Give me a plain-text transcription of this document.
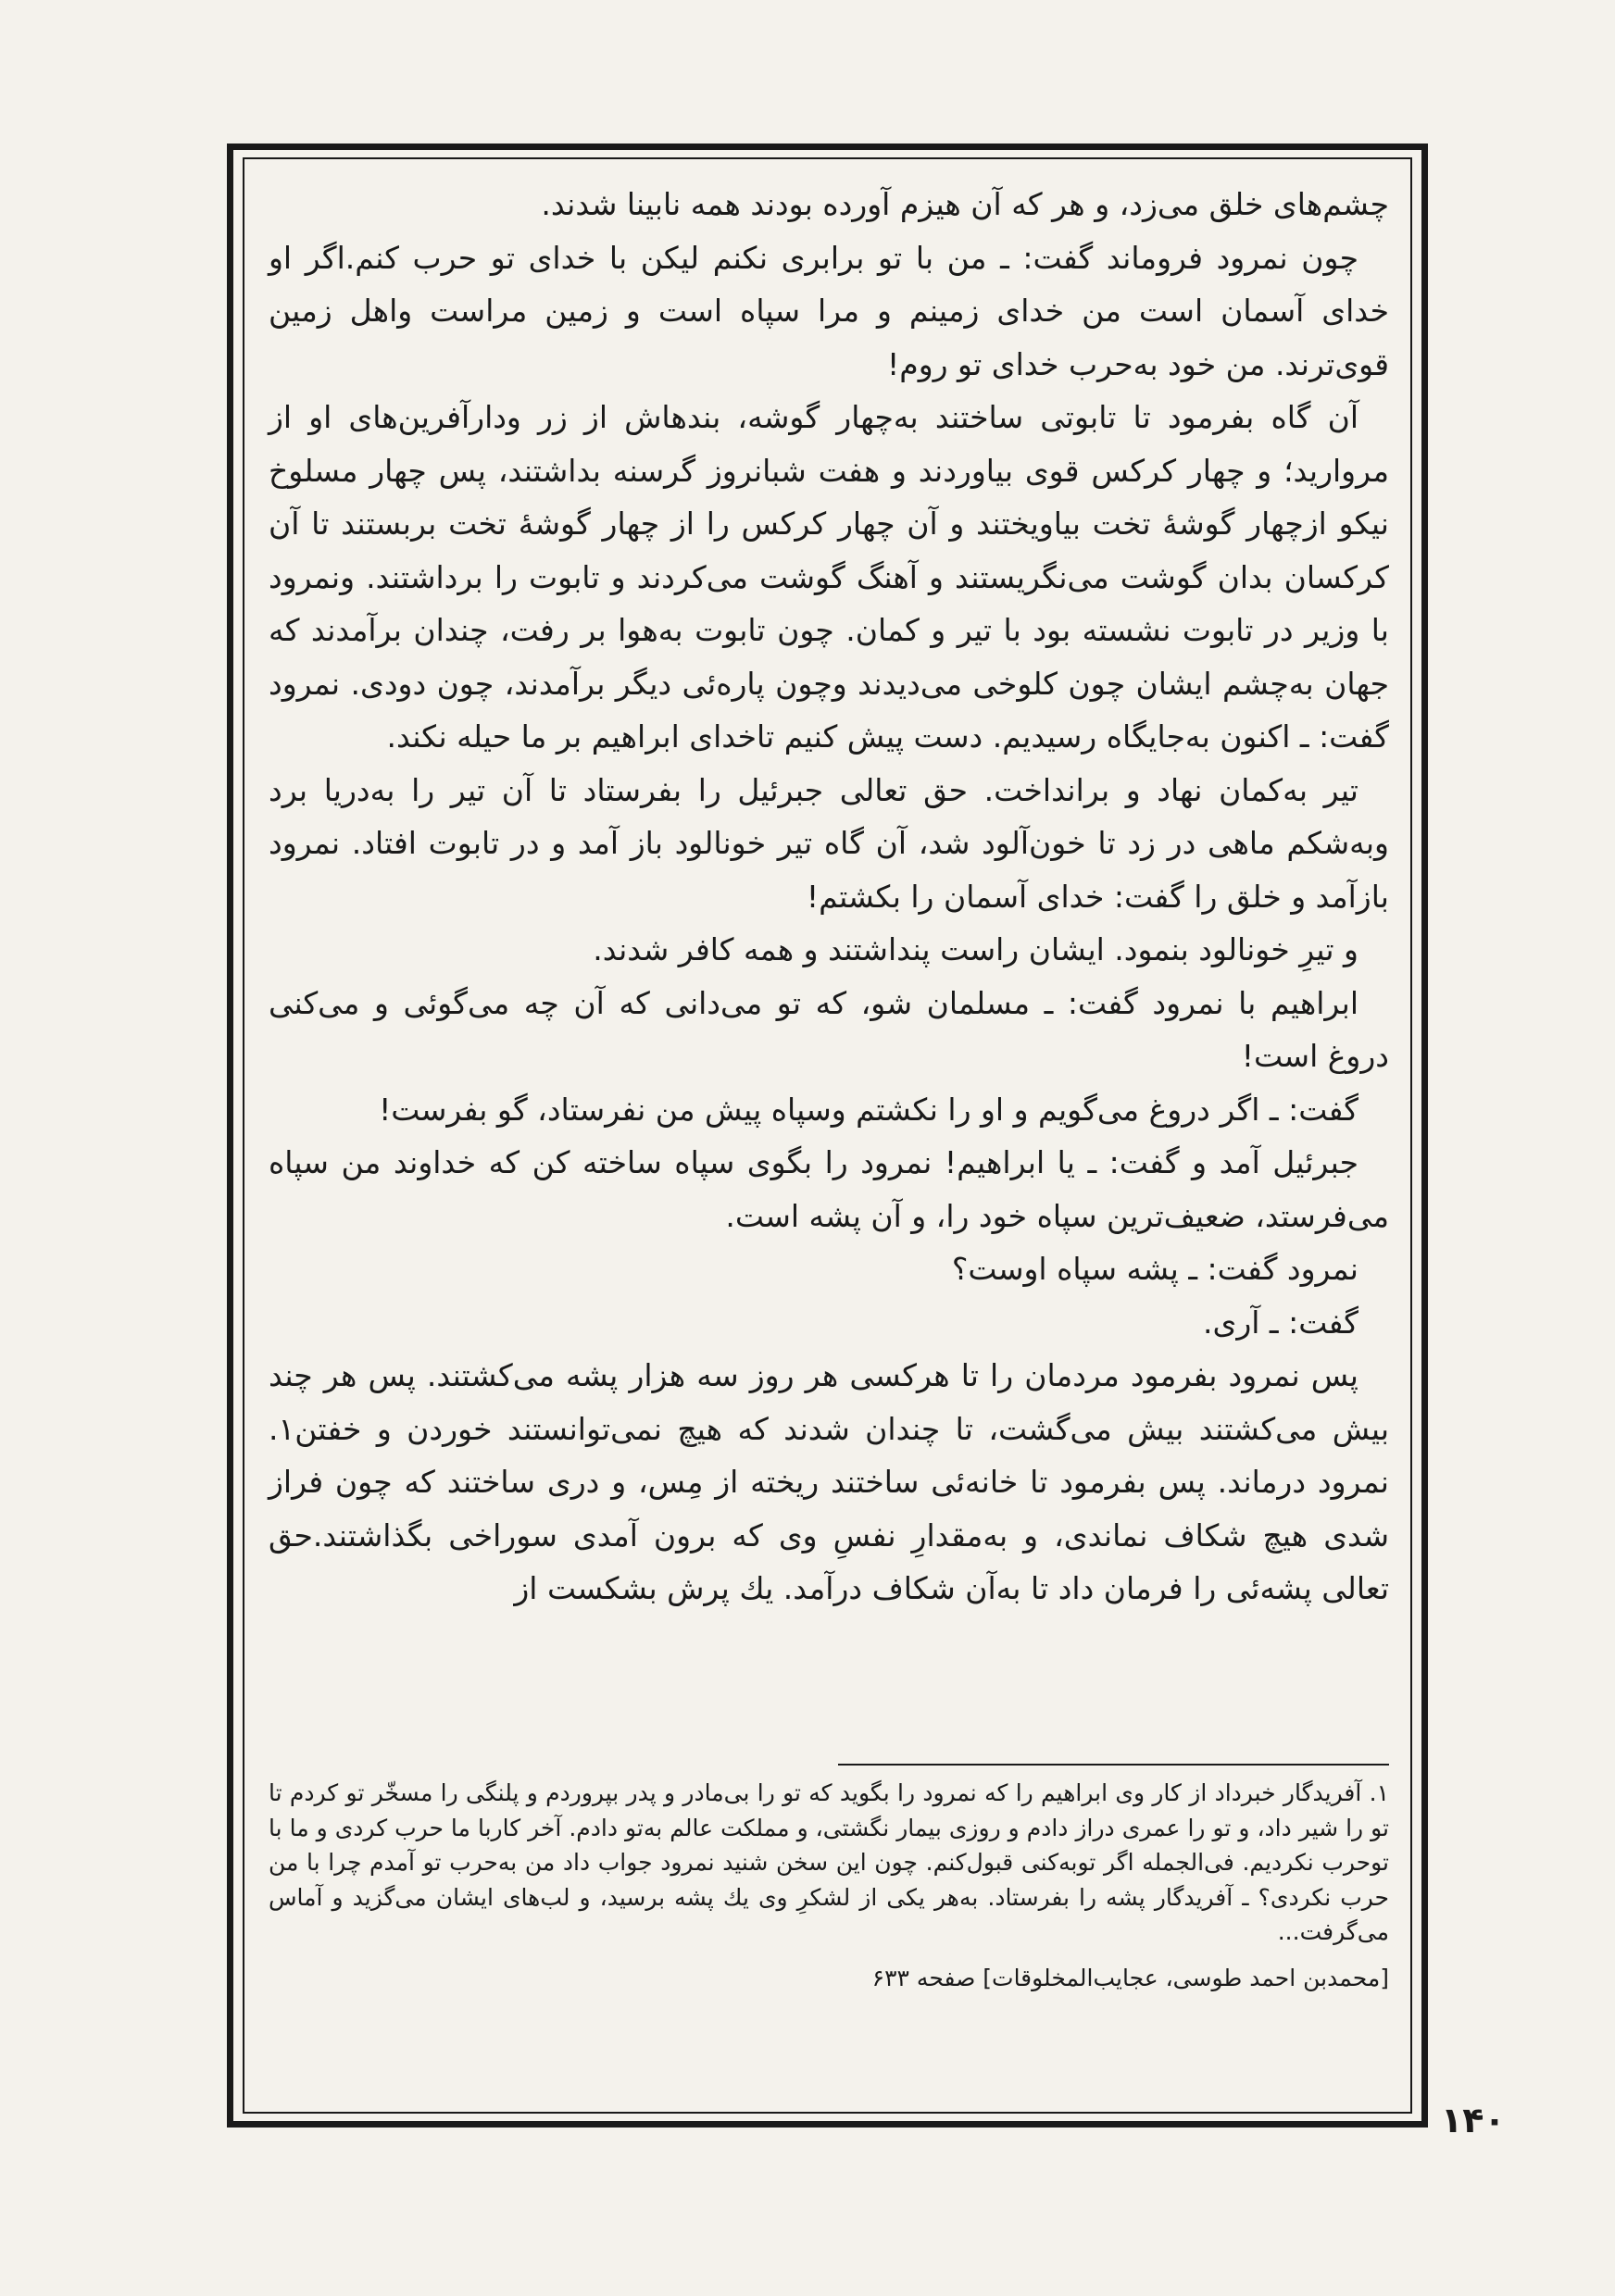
چشم‌های خلق می‌زد، و هر که آن هیزم آورده بودند همه نابینا شدند.

چون نمرود فروماند گفت: ـ من با تو برابری نکنم لیکن با خدای تو حرب کنم.اگر او خدای آسمان است من خدای زمینم و مرا سپاه است و زمین مراست واهل زمین قوی‌ترند. من خود به‌حرب خدای تو روم!

آن گاه بفرمود تا تابوتی ساختند به‌چهار گوشه، بندهاش از زر ودارآفرین‌های او از مروارید؛ و چهار کرکس قوی بیاوردند و هفت شبانروز گرسنه بداشتند، پس چهار مسلوخ نیکو ازچهار گوشهٔ تخت بیاویختند و آن چهار کرکس را از چهار گوشهٔ تخت بربستند تا آن کرکسان بدان گوشت می‌نگریستند و آهنگ گوشت می‌کردند و تابوت را برداشتند. ونمرود با وزیر در تابوت نشسته بود با تیر و کمان. چون تابوت به‌هوا بر رفت، چندان برآمدند که جهان به‌چشم ایشان چون کلوخی می‌دیدند وچون پاره‌ئی دیگر برآمدند، چون دودی. نمرود گفت: ـ اکنون به‌جایگاه رسیدیم. دست پیش کنیم تاخدای ابراهیم بر ما حیله نکند.

تیر به‌کمان نهاد و برانداخت. حق تعالی جبرئیل را بفرستاد تا آن تیر را به‌دریا برد وبه‌شکم ماهی در زد تا خون‌آلود شد، آن گاه تیر خونالود باز آمد و در تابوت افتاد. نمرود بازآمد و خلق را گفت: خدای آسمان را بکشتم!

و تیرِ خونالود بنمود. ایشان راست پنداشتند و همه کافر شدند.

ابراهیم با نمرود گفت: ـ مسلمان شو، که تو می‌دانی که آن چه می‌گوئی و می‌کنی دروغ است!

گفت: ـ اگر دروغ می‌گویم و او را نکشتم وسپاه پیش من نفرستاد، گو بفرست!

جبرئیل آمد و گفت: ـ یا ابراهیم! نمرود را بگوی سپاه ساخته کن که خداوند من سپاه می‌فرستد، ضعیف‌ترین سپاه خود را، و آن پشه است.

نمرود گفت: ـ پشه سپاه اوست؟

گفت: ـ آری.

پس نمرود بفرمود مردمان را تا هرکسی هر روز سه هزار پشه می‌کشتند. پس هر چند بیش می‌کشتند بیش می‌گشت، تا چندان شدند که هیچ نمی‌توانستند خوردن و خفتن۱. نمرود درماند. پس بفرمود تا خانه‌ئی ساختند ریخته از مِس، و دری ساختند که چون فراز شدی هیچ شکاف نماندی، و به‌مقدارِ نفسِ وی که برون آمدی سوراخی بگذاشتند.حق تعالی پشه‌ئی را فرمان داد تا به‌آن شکاف درآمد. یك پرش بشکست از

۱. آفریدگار خبرداد از کار وی ابراهیم را که نمرود را بگوید که تو را بی‌مادر و پدر بپروردم و پلنگی را مسخّر تو کردم تا تو را شیر داد، و تو را عمری دراز دادم و روزی بیمار نگشتی، و مملکت عالم به‌تو دادم. آخر کاربا ما حرب کردی و ما با توحرب نکردیم. فی‌الجمله اگر توبه‌کنی قبول‌کنم. چون این سخن شنید نمرود جواب داد من به‌حرب تو آمدم چرا با من حرب نکردی؟ ـ آفریدگار پشه را بفرستاد. به‌هر یکی از لشکرِ وی یك پشه برسید، و لب‌های ایشان می‌گزید و آماس می‌گرفت...

[محمدبن احمد طوسی، عجایب‌المخلوقات] صفحه ۶۳۳

۱۴۰
